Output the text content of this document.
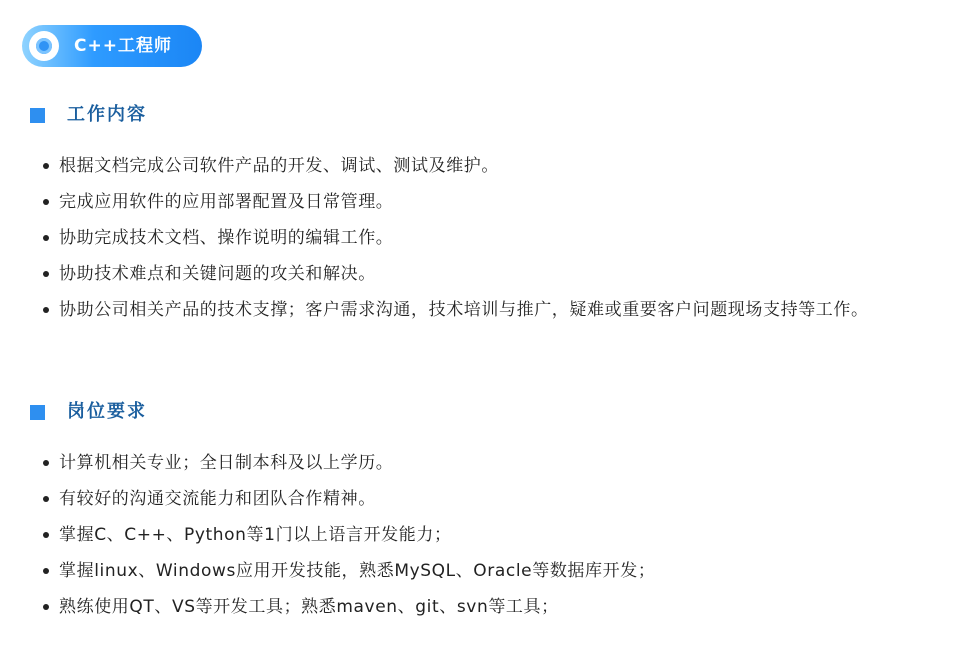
C++工程师
工作内容
根据文档完成公司软件产品的开发、调试、测试及维护。
完成应用软件的应用部署配置及日常管理。
协助完成技术文档、操作说明的编辑工作。
协助技术难点和关键问题的攻关和解决。
协助公司相关产品的技术支撑；客户需求沟通，技术培训与推广，疑难或重要客户问题现场支持等工作。
岗位要求
计算机相关专业；全日制本科及以上学历。
有较好的沟通交流能力和团队合作精神。
掌握C、C++、Python等1门以上语言开发能力；
掌握linux、Windows应用开发技能，熟悉MySQL、Oracle等数据库开发；
熟练使用QT、VS等开发工具；熟悉maven、git、svn等工具；
